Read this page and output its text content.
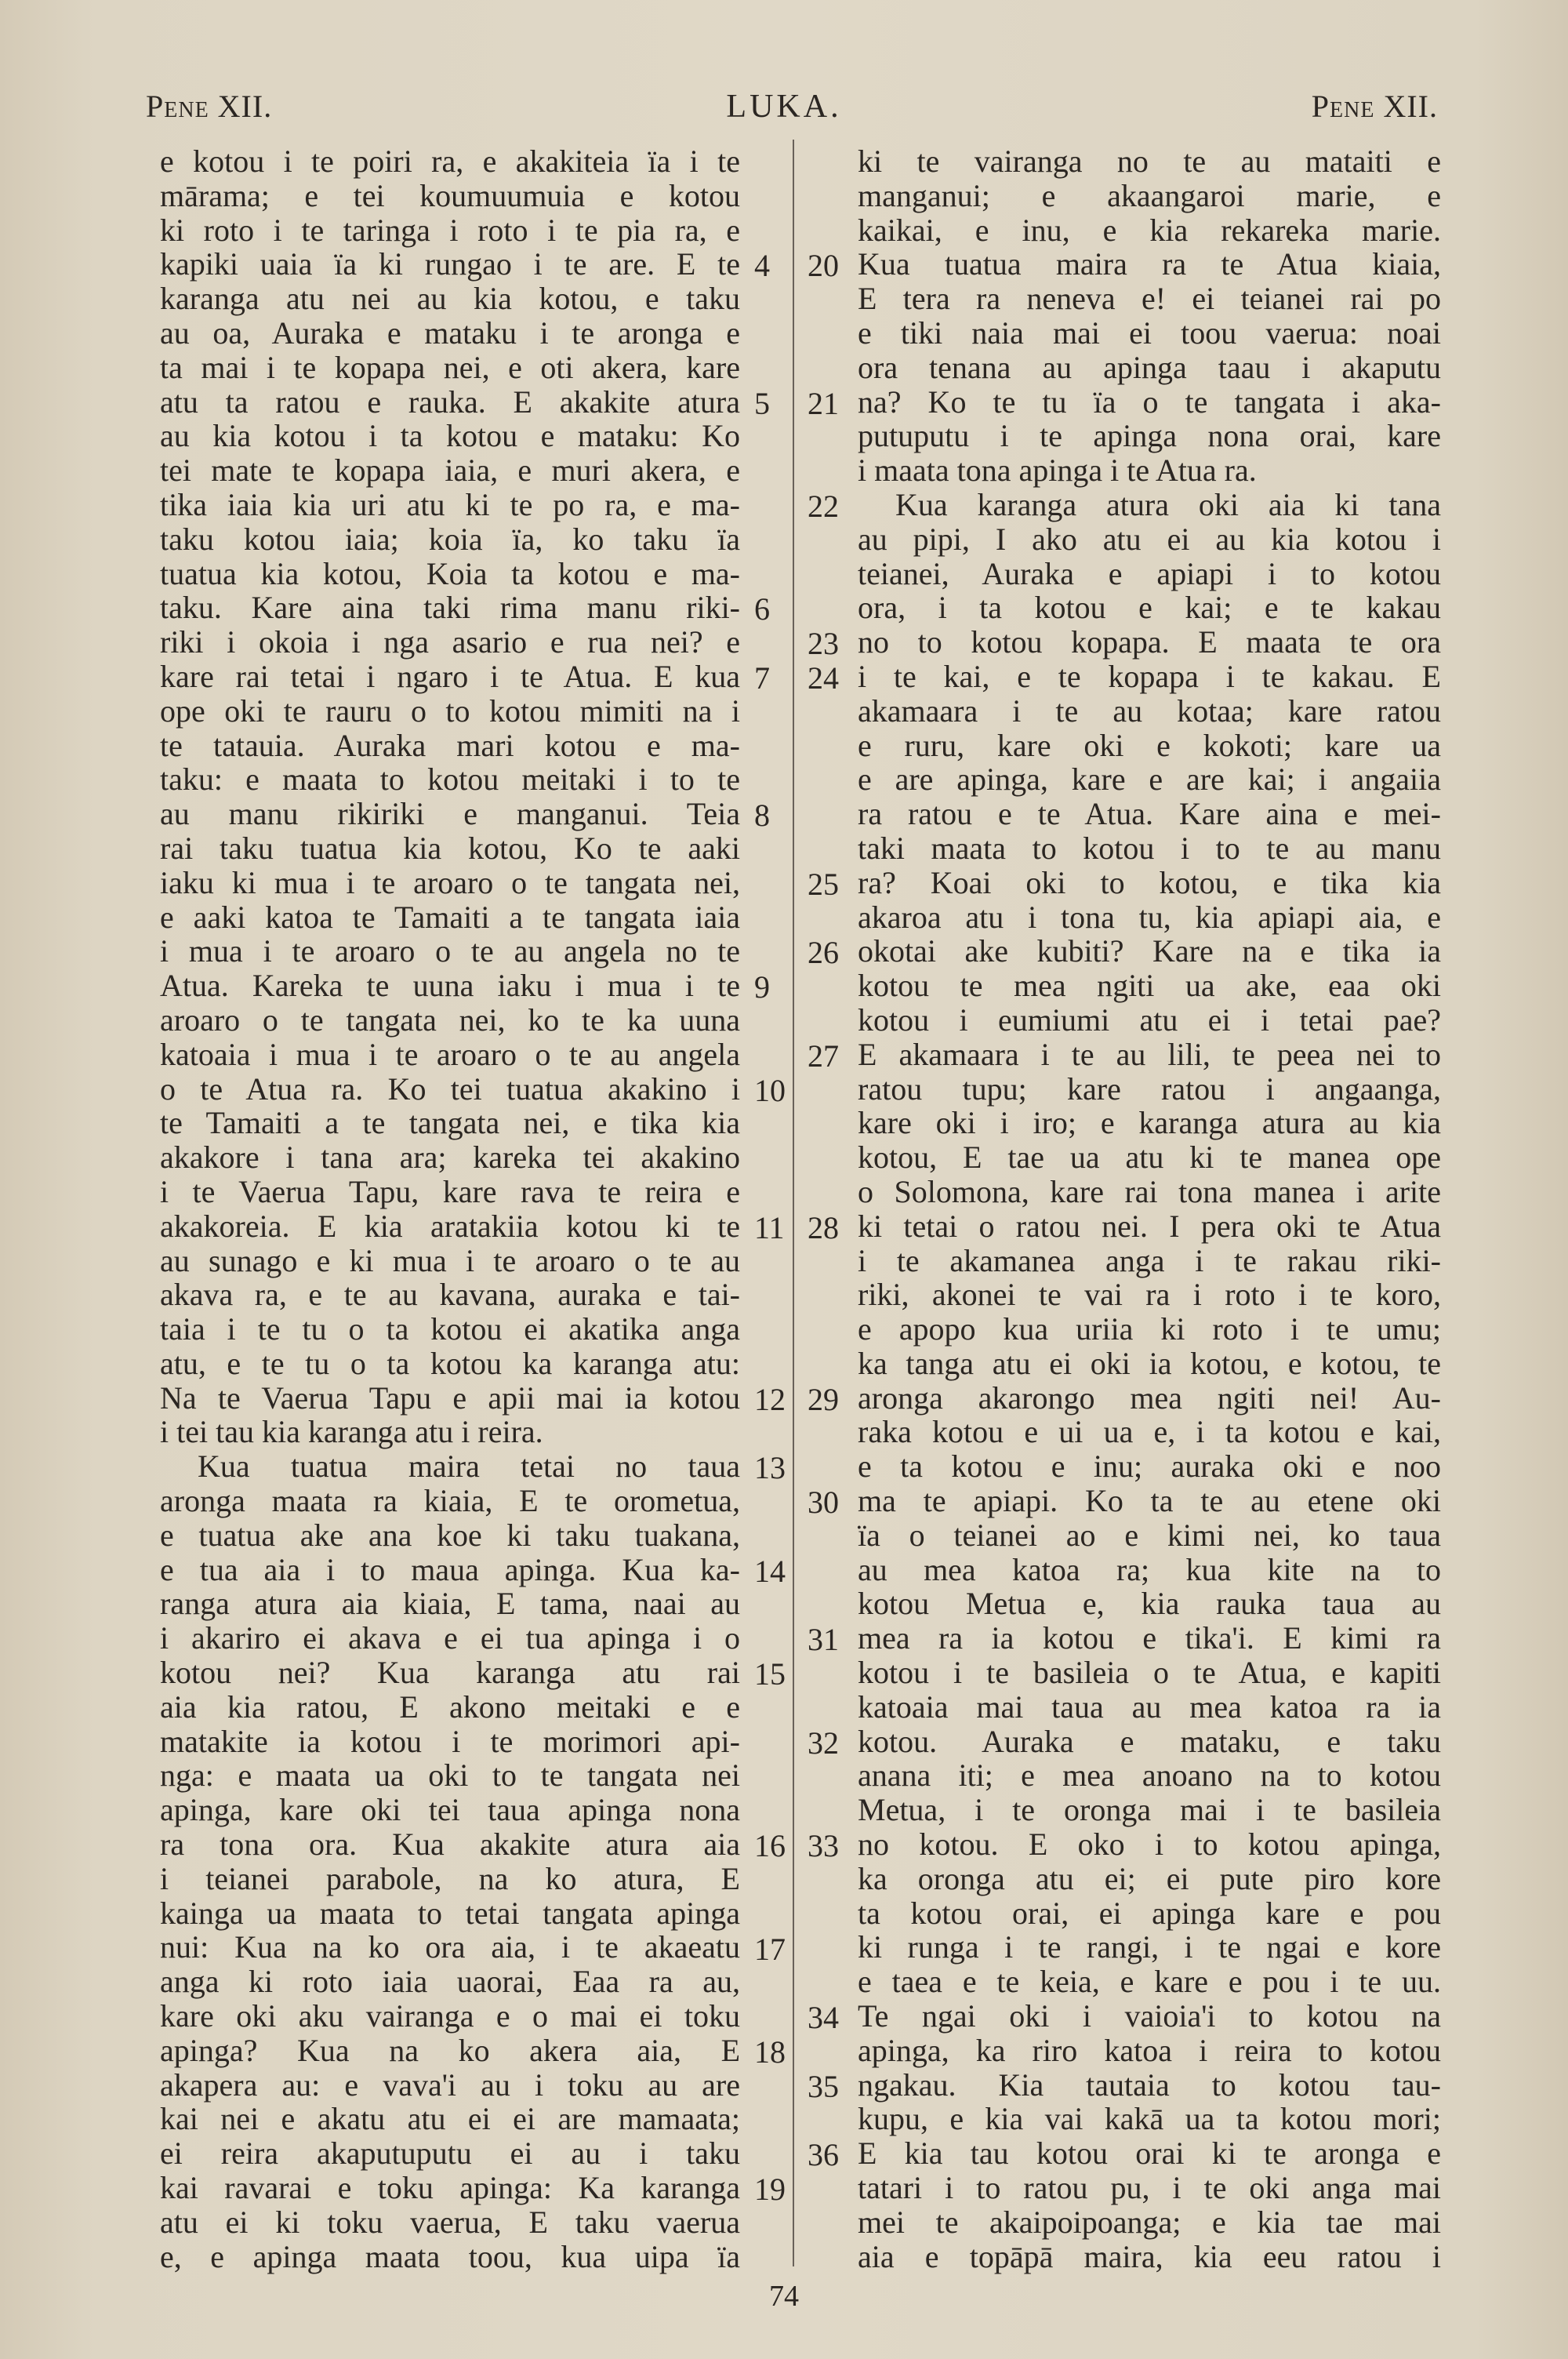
Pene XII.	LUKA.	Pene XII.
e kotou i te poiri ra, e akakiteia ïa i te
mārama; e tei koumuumuia e kotou
ki roto i te taringa i roto i te pia ra, e
kapiki uaia ïa ki rungao i te are. E te
karanga atu nei au kia kotou, e taku
au oa, Auraka e mataku i te aronga e
ta mai i te kopapa nei, e oti akera, kare
atu ta ratou e rauka. E akakite atura
au kia kotou i ta kotou e mataku: Ko
tei mate te kopapa iaia, e muri akera, e
tika iaia kia uri atu ki te po ra, e ma-
taku kotou iaia; koia ïa, ko taku ïa
tuatua kia kotou, Koia ta kotou e ma-
taku. Kare aina taki rima manu riki-
riki i okoia i nga asario e rua nei? e
kare rai tetai i ngaro i te Atua. E kua
ope oki te rauru o to kotou mimiti na i
te tatauia. Auraka mari kotou e ma-
taku: e maata to kotou meitaki i to te
au manu rikiriki e manganui. Teia
rai taku tuatua kia kotou, Ko te aaki
iaku ki mua i te aroaro o te tangata nei,
e aaki katoa te Tamaiti a te tangata iaia
i mua i te aroaro o te au angela no te
Atua. Kareka te uuna iaku i mua i te
aroaro o te tangata nei, ko te ka uuna
katoaia i mua i te aroaro o te au angela
o te Atua ra. Ko tei tuatua akakino i
te Tamaiti a te tangata nei, e tika kia
akakore i tana ara; kareka tei akakino
i te Vaerua Tapu, kare rava te reira e
akakoreia. E kia aratakiia kotou ki te
au sunago e ki mua i te aroaro o te au
akava ra, e te au kavana, auraka e tai-
taia i te tu o ta kotou ei akatika anga
atu, e te tu o ta kotou ka karanga atu:
Na te Vaerua Tapu e apii mai ia kotou
i tei tau kia karanga atu i reira.
Kua tuatua maira tetai no taua
aronga maata ra kiaia, E te orometua,
e tuatua ake ana koe ki taku tuakana,
e tua aia i to maua apinga. Kua ka-
ranga atura aia kiaia, E tama, naai au
i akariro ei akava e ei tua apinga i o
kotou nei? Kua karanga atu rai
aia kia ratou, E akono meitaki e e
matakite ia kotou i te morimori api-
nga: e maata ua oki to te tangata nei
apinga, kare oki tei taua apinga nona
ra tona ora. Kua akakite atura aia
i teianei parabole, na ko atura, E
kainga ua maata to tetai tangata apinga
nui: Kua na ko ora aia, i te akaeatu
anga ki roto iaia uaorai, Eaa ra au,
kare oki aku vairanga e o mai ei toku
apinga? Kua na ko akera aia, E
akapera au: e vava'i au i toku au are
kai nei e akatu atu ei ei are mamaata;
ei reira akaputuputu ei au i taku
kai ravarai e toku apinga: Ka karanga
atu ei ki toku vaerua, E taku vaerua
e, e apinga maata toou, kua uipa ïa
4
5
6
7
8
9
10
11
12
13
14
15
16
17
18
19
ki te vairanga no te au mataiti e
manganui; e akaangaroi marie, e
kaikai, e inu, e kia rekareka marie.
Kua tuatua maira ra te Atua kiaia,
E tera ra neneva e! ei teianei rai po
e tiki naia mai ei toou vaerua: noai
ora tenana au apinga taau i akaputu
na? Ko te tu ïa o te tangata i aka-
putuputu i te apinga nona orai, kare
i maata tona apinga i te Atua ra.
Kua karanga atura oki aia ki tana
au pipi, I ako atu ei au kia kotou i
teianei, Auraka e apiapi i to kotou
ora, i ta kotou e kai; e te kakau
no to kotou kopapa. E maata te ora
i te kai, e te kopapa i te kakau. E
akamaara i te au kotaa; kare ratou
e ruru, kare oki e kokoti; kare ua
e are apinga, kare e are kai; i angaiia
ra ratou e te Atua. Kare aina e mei-
taki maata to kotou i to te au manu
ra? Koai oki to kotou, e tika kia
akaroa atu i tona tu, kia apiapi aia, e
okotai ake kubiti? Kare na e tika ia
kotou te mea ngiti ua ake, eaa oki
kotou i eumiumi atu ei i tetai pae?
E akamaara i te au lili, te peea nei to
ratou tupu; kare ratou i angaanga,
kare oki i iro; e karanga atura au kia
kotou, E tae ua atu ki te manea ope
o Solomona, kare rai tona manea i arite
ki tetai o ratou nei. I pera oki te Atua
i te akamanea anga i te rakau riki-
riki, akonei te vai ra i roto i te koro,
e apopo kua uriia ki roto i te umu;
ka tanga atu ei oki ia kotou, e kotou, te
aronga akarongo mea ngiti nei! Au-
raka kotou e ui ua e, i ta kotou e kai,
e ta kotou e inu; auraka oki e noo
ma te apiapi. Ko ta te au etene oki
ïa o teianei ao e kimi nei, ko taua
au mea katoa ra; kua kite na to
kotou Metua e, kia rauka taua au
mea ra ia kotou e tika'i. E kimi ra
kotou i te basileia o te Atua, e kapiti
katoaia mai taua au mea katoa ra ia
kotou. Auraka e mataku, e taku
anana iti; e mea anoano na to kotou
Metua, i te oronga mai i te basileia
no kotou. E oko i to kotou apinga,
ka oronga atu ei; ei pute piro kore
ta kotou orai, ei apinga kare e pou
ki runga i te rangi, i te ngai e kore
e taea e te keia, e kare e pou i te uu.
Te ngai oki i vaioia'i to kotou na
apinga, ka riro katoa i reira to kotou
ngakau. Kia tautaia to kotou tau-
kupu, e kia vai kakā ua ta kotou mori;
E kia tau kotou orai ki te aronga e
tatari i to ratou pu, i te oki anga mai
mei te akaipoipoanga; e kia tae mai
aia e topāpā maira, kia eeu ratou i
20
21
22
23
24
25
26
27
28
29
30
31
32
33
34
35
36
74
